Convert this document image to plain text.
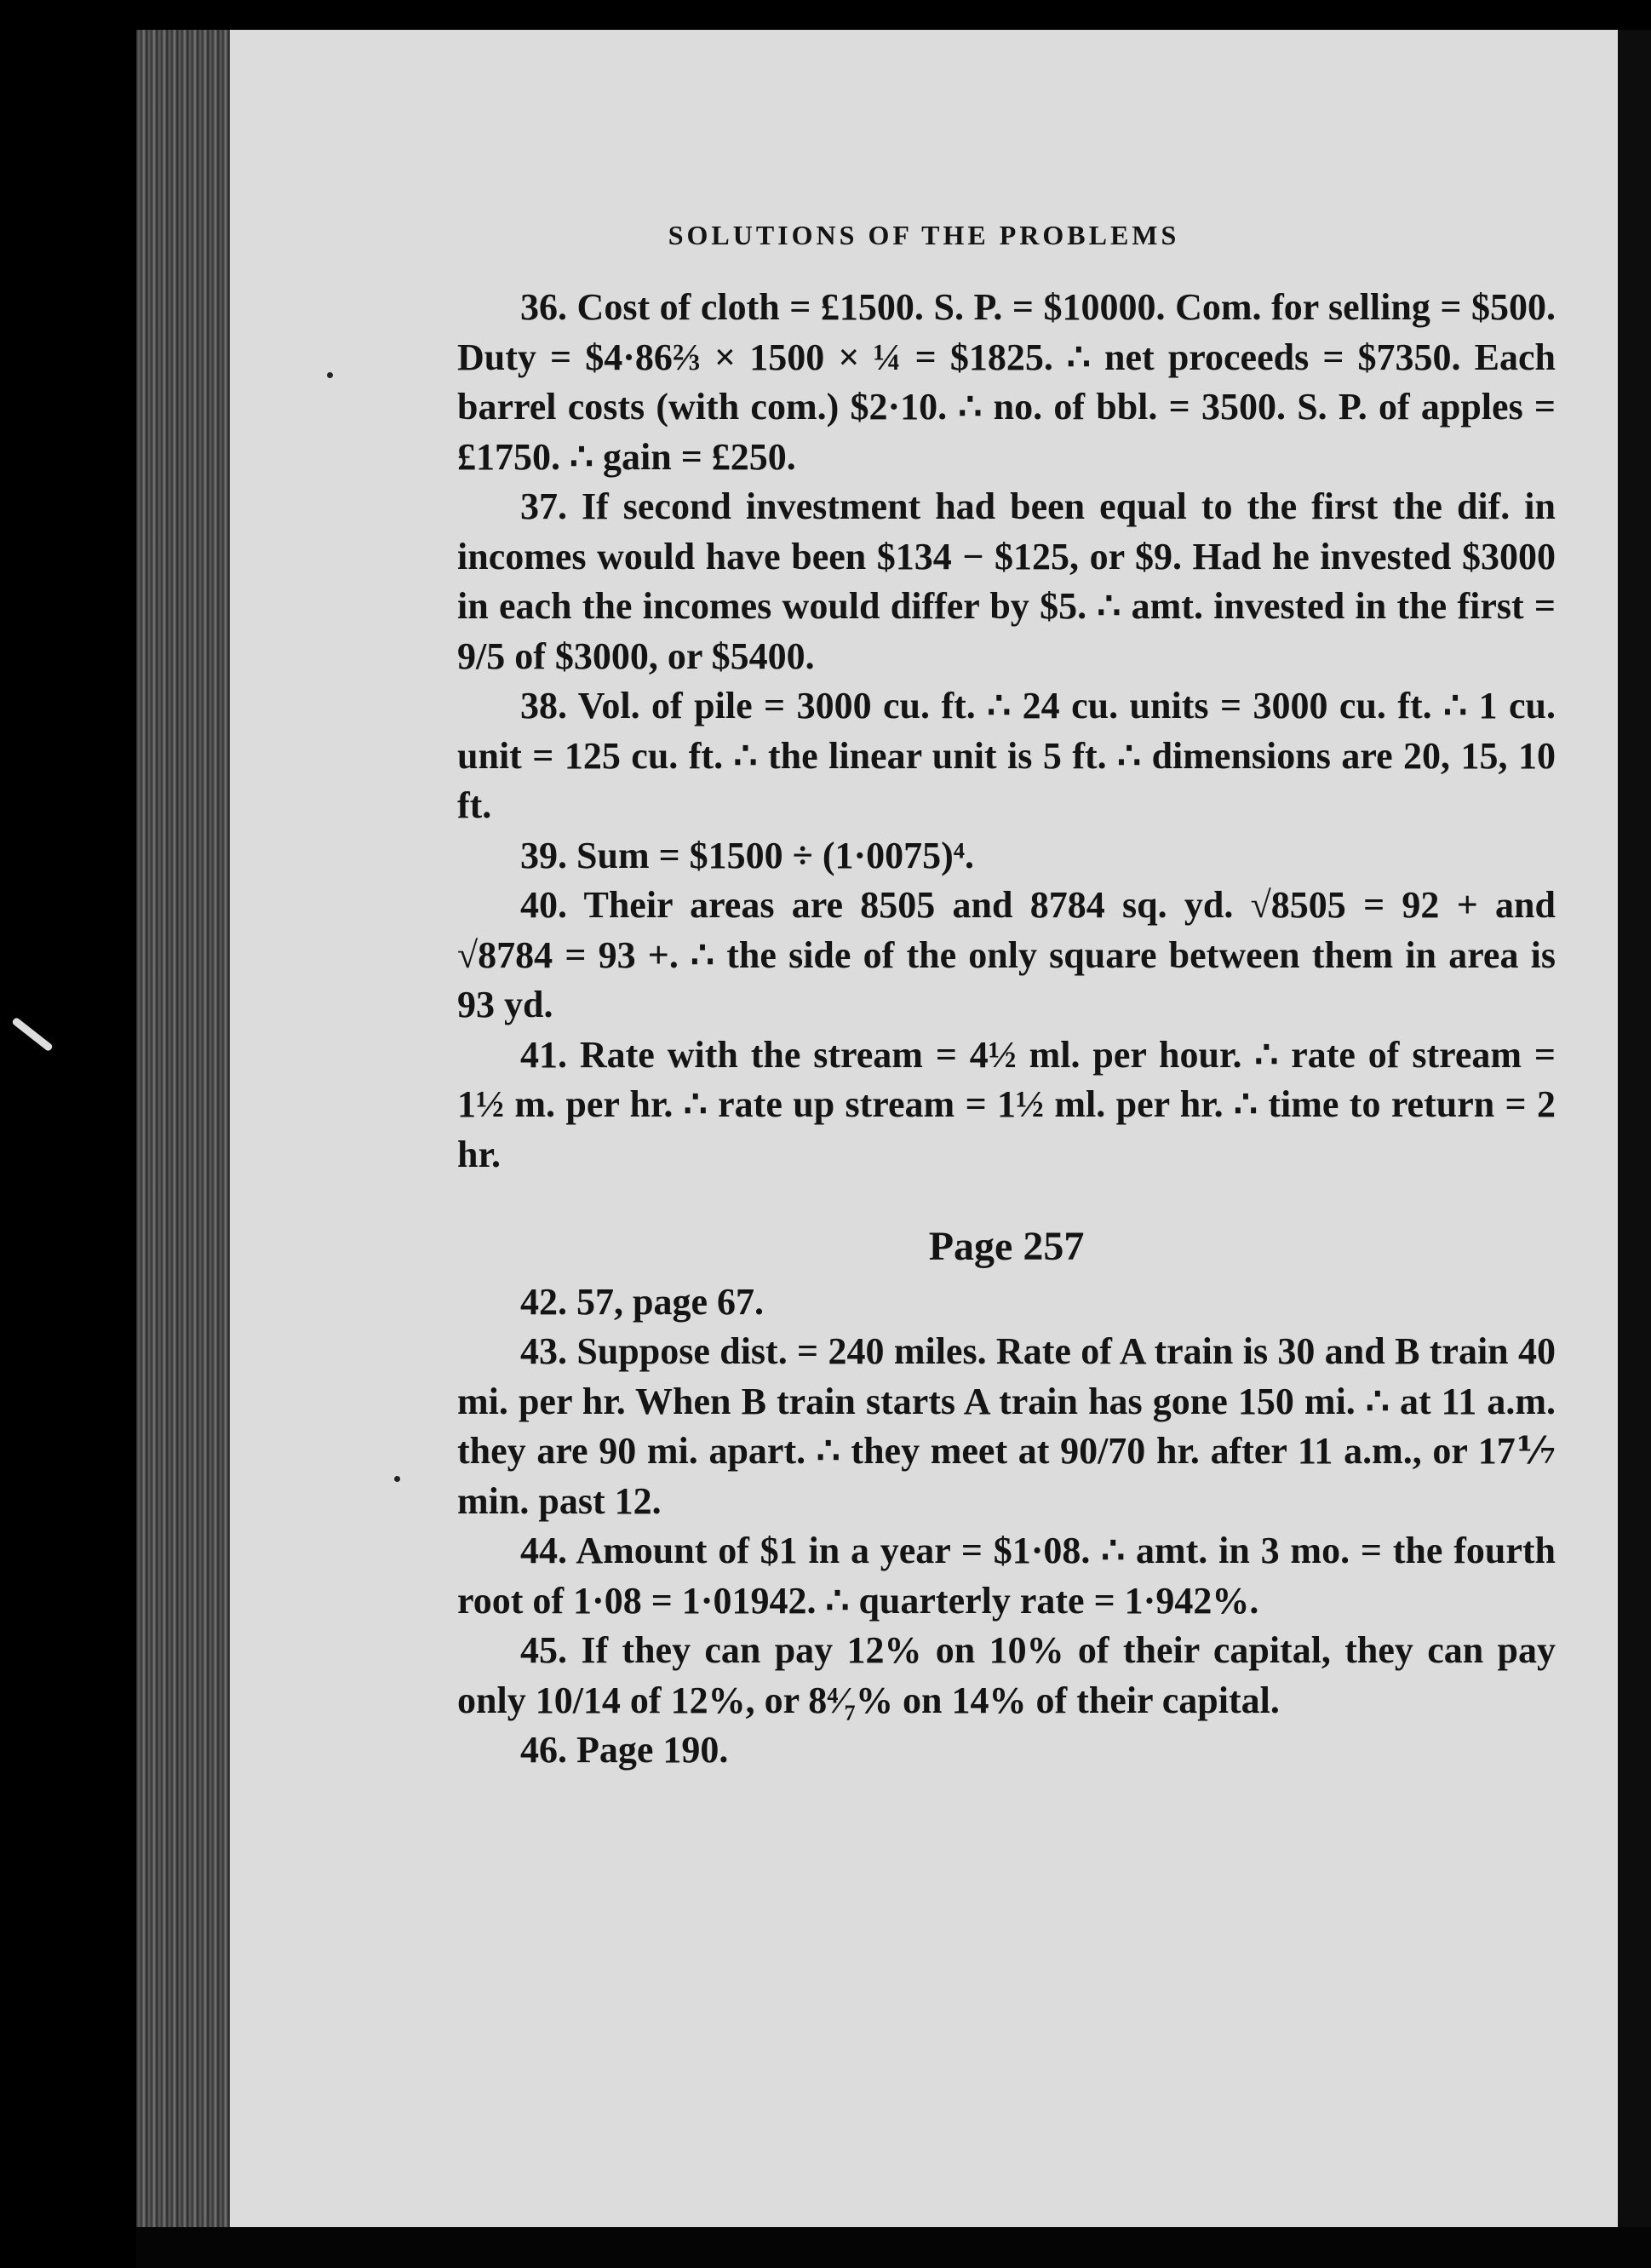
SOLUTIONS OF THE PROBLEMS

36. Cost of cloth = £1500. S. P. = $10000. Com. for selling = $500. Duty = $4·86⅔ × 1500 × ¼ = $1825. ∴ net proceeds = $7350. Each barrel costs (with com.) $2·10. ∴ no. of bbl. = 3500. S. P. of apples = £1750. ∴ gain = £250.

37. If second investment had been equal to the first the dif. in incomes would have been $134 − $125, or $9. Had he invested $3000 in each the incomes would differ by $5. ∴ amt. invested in the first = 9/5 of $3000, or $5400.

38. Vol. of pile = 3000 cu. ft. ∴ 24 cu. units = 3000 cu. ft. ∴ 1 cu. unit = 125 cu. ft. ∴ the linear unit is 5 ft. ∴ dimensions are 20, 15, 10 ft.

39. Sum = $1500 ÷ (1·0075)⁴.

40. Their areas are 8505 and 8784 sq. yd. √8505 = 92 + and √8784 = 93 +. ∴ the side of the only square between them in area is 93 yd.

41. Rate with the stream = 4½ ml. per hour. ∴ rate of stream = 1½ m. per hr. ∴ rate up stream = 1½ ml. per hr. ∴ time to return = 2 hr.

Page 257

42. 57, page 67.

43. Suppose dist. = 240 miles. Rate of A train is 30 and B train 40 mi. per hr. When B train starts A train has gone 150 mi. ∴ at 11 a.m. they are 90 mi. apart. ∴ they meet at 90/70 hr. after 11 a.m., or 17⅐ min. past 12.

44. Amount of $1 in a year = $1·08. ∴ amt. in 3 mo. = the fourth root of 1·08 = 1·01942. ∴ quarterly rate = 1·942%.

45. If they can pay 12% on 10% of their capital, they can pay only 10/14 of 12%, or 8⁴⁄₇% on 14% of their capital.

46. Page 190.
